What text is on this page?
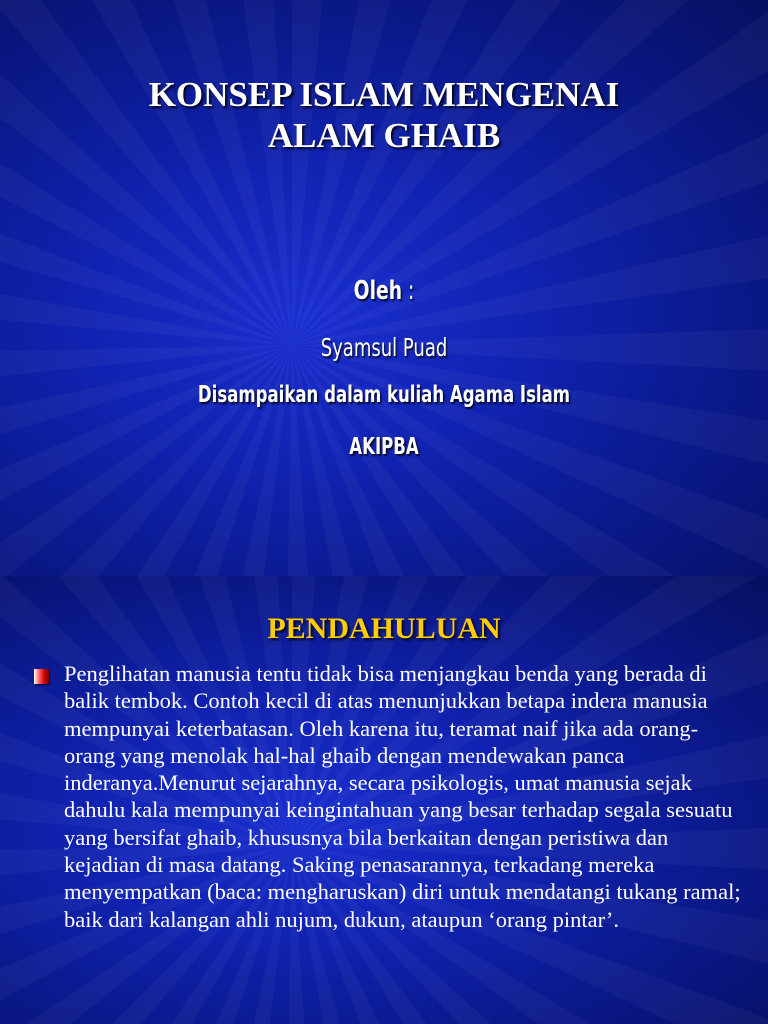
KONSEP ISLAM MENGENAI
ALAM GHAIB
Oleh :
Syamsul Puad
Disampaikan dalam kuliah Agama Islam
AKIPBA
PENDAHULUAN

Penglihatan manusia tentu tidak bisa menjangkau benda yang berada di balik tembok. Contoh kecil di atas menunjukkan betapa indera manusia mempunyai keterbatasan. Oleh karena itu, teramat naif jika ada orang-orang yang menolak hal-hal ghaib dengan mendewakan panca inderanya.Menurut sejarahnya, secara psikologis, umat manusia sejak dahulu kala mempunyai keingintahuan yang besar terhadap segala sesuatu yang bersifat ghaib, khususnya bila berkaitan dengan peristiwa dan kejadian di masa datang. Saking penasarannya, terkadang mereka menyempatkan (baca: mengharuskan) diri untuk mendatangi tukang ramal; baik dari kalangan ahli nujum, dukun, ataupun ‘orang pintar’.
